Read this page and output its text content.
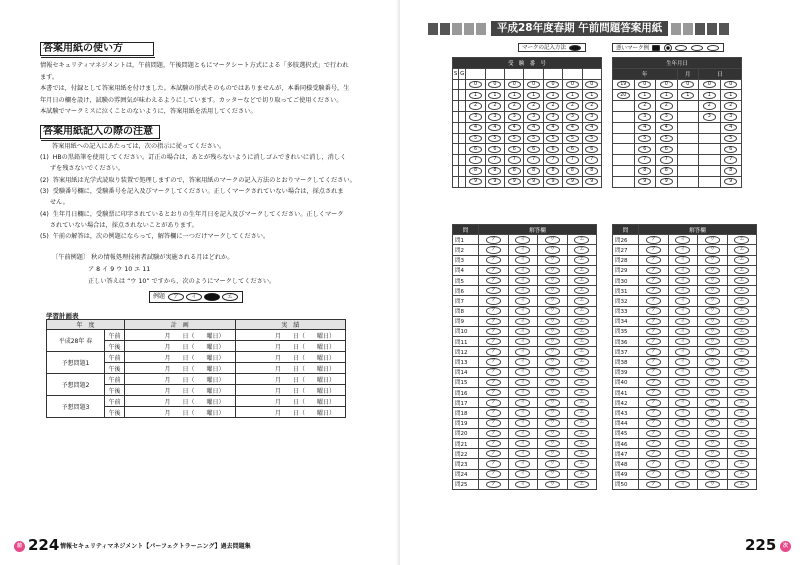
答案用紙の使い方
情報セキュリティマネジメントは，午前問題，午後問題ともにマークシート方式による「多肢選択式」で行われ
ます。
本書では，付録として答案用紙を付けました。本試験の形式そのものではありませんが，本番同様受験番号，生
年月日の欄を設け，試験の雰囲気が味わえるようにしています。カッターなどで切り取ってご使用ください。
本試験でマークミスに泣くことのないように，答案用紙を活用してください。
答案用紙記入の際の注意
答案用紙への記入にあたっては，次の指示に従ってください。
(1)  HBの黒鉛筆を使用してください。訂正の場合は，あとが残らないように消しゴムできれいに消し，消しく
ずを残さないでください。
(2)  答案用紙は光学式読取り装置で処理しますので，答案用紙のマークの記入方法のとおりマークしてください。
(3)  受験番号欄に，受験番号を記入及びマークしてください。正しくマークされていない場合は，採点されま
せん。
(4)  生年月日欄に，受験票に印字されているとおりの生年月日を記入及びマークしてください。正しくマーク
されていない場合は，採点されないことがあります。
(5)  午前の解答は，次の例題にならって，解答欄に一つだけマークしてください。
〔午前例題〕 秋の情報処理技術者試験が実施される月はどれか。
ア 8 イ 9 ウ 10 エ 11
正しい答えは “ウ 10” ですから，次のようにマークしてください。
例題 ア	イ	ウ	エ
学習計画表
年　度		計　画	実　績
平成28年 春	午前	月　　日（　　曜日）	月　　日（　　曜日）
	午後	月　　日（　　曜日）	月　　日（　　曜日）
予想問題1	午前	月　　日（　　曜日）	月　　日（　　曜日）
	午後	月　　日（　　曜日）	月　　日（　　曜日）
予想問題2	午前	月　　日（　　曜日）	月　　日（　　曜日）
	午後	月　　日（　　曜日）	月　　日（　　曜日）
予想問題3	午前	月　　日（　　曜日）	月　　日（　　曜日）
	午後	月　　日（　　曜日）	月　　日（　　曜日）
前 224 情報セキュリティマネジメント【パーフェクトラーニング】過去問題集
平成28年度春期 午前問題答案用紙
マークの記入方法	悪いマーク例
受　験　番　号								
S	G							
		0	0	0	0	0	0	0
		1	1	1	1	1	1	1
		2	2	2	2	2	2	2
		3	3	3	3	3	3	3
		4	4	4	4	4	4	4
		5	5	5	5	5	5	5
		6	6	6	6	6	6	6
		7	7	7	7	7	7	7
		8	8	8	8	8	8	8
		9	9	9	9	9	9	9
生年月日					
年			月	日	
19	0	0	0	0	0
20	1	1	1	1	1
	2	2		2	2
	3	3		3	3
	4	4			4
	5	5			5
	6	6			6
	7	7			7
	8	8			8
	9	9			9
問	解答欄			
問1	ア	イ	ウ	エ
問2	ア	イ	ウ	エ
問3	ア	イ	ウ	エ
問4	ア	イ	ウ	エ
問5	ア	イ	ウ	エ
問6	ア	イ	ウ	エ
問7	ア	イ	ウ	エ
問8	ア	イ	ウ	エ
問9	ア	イ	ウ	エ
問10	ア	イ	ウ	エ
問11	ア	イ	ウ	エ
問12	ア	イ	ウ	エ
問13	ア	イ	ウ	エ
問14	ア	イ	ウ	エ
問15	ア	イ	ウ	エ
問16	ア	イ	ウ	エ
問17	ア	イ	ウ	エ
問18	ア	イ	ウ	エ
問19	ア	イ	ウ	エ
問20	ア	イ	ウ	エ
問21	ア	イ	ウ	エ
問22	ア	イ	ウ	エ
問23	ア	イ	ウ	エ
問24	ア	イ	ウ	エ
問25	ア	イ	ウ	エ
問	解答欄			
問26	ア	イ	ウ	エ
問27	ア	イ	ウ	エ
問28	ア	イ	ウ	エ
問29	ア	イ	ウ	エ
問30	ア	イ	ウ	エ
問31	ア	イ	ウ	エ
問32	ア	イ	ウ	エ
問33	ア	イ	ウ	エ
問34	ア	イ	ウ	エ
問35	ア	イ	ウ	エ
問36	ア	イ	ウ	エ
問37	ア	イ	ウ	エ
問38	ア	イ	ウ	エ
問39	ア	イ	ウ	エ
問40	ア	イ	ウ	エ
問41	ア	イ	ウ	エ
問42	ア	イ	ウ	エ
問43	ア	イ	ウ	エ
問44	ア	イ	ウ	エ
問45	ア	イ	ウ	エ
問46	ア	イ	ウ	エ
問47	ア	イ	ウ	エ
問48	ア	イ	ウ	エ
問49	ア	イ	ウ	エ
問50	ア	イ	ウ	エ
225	次
